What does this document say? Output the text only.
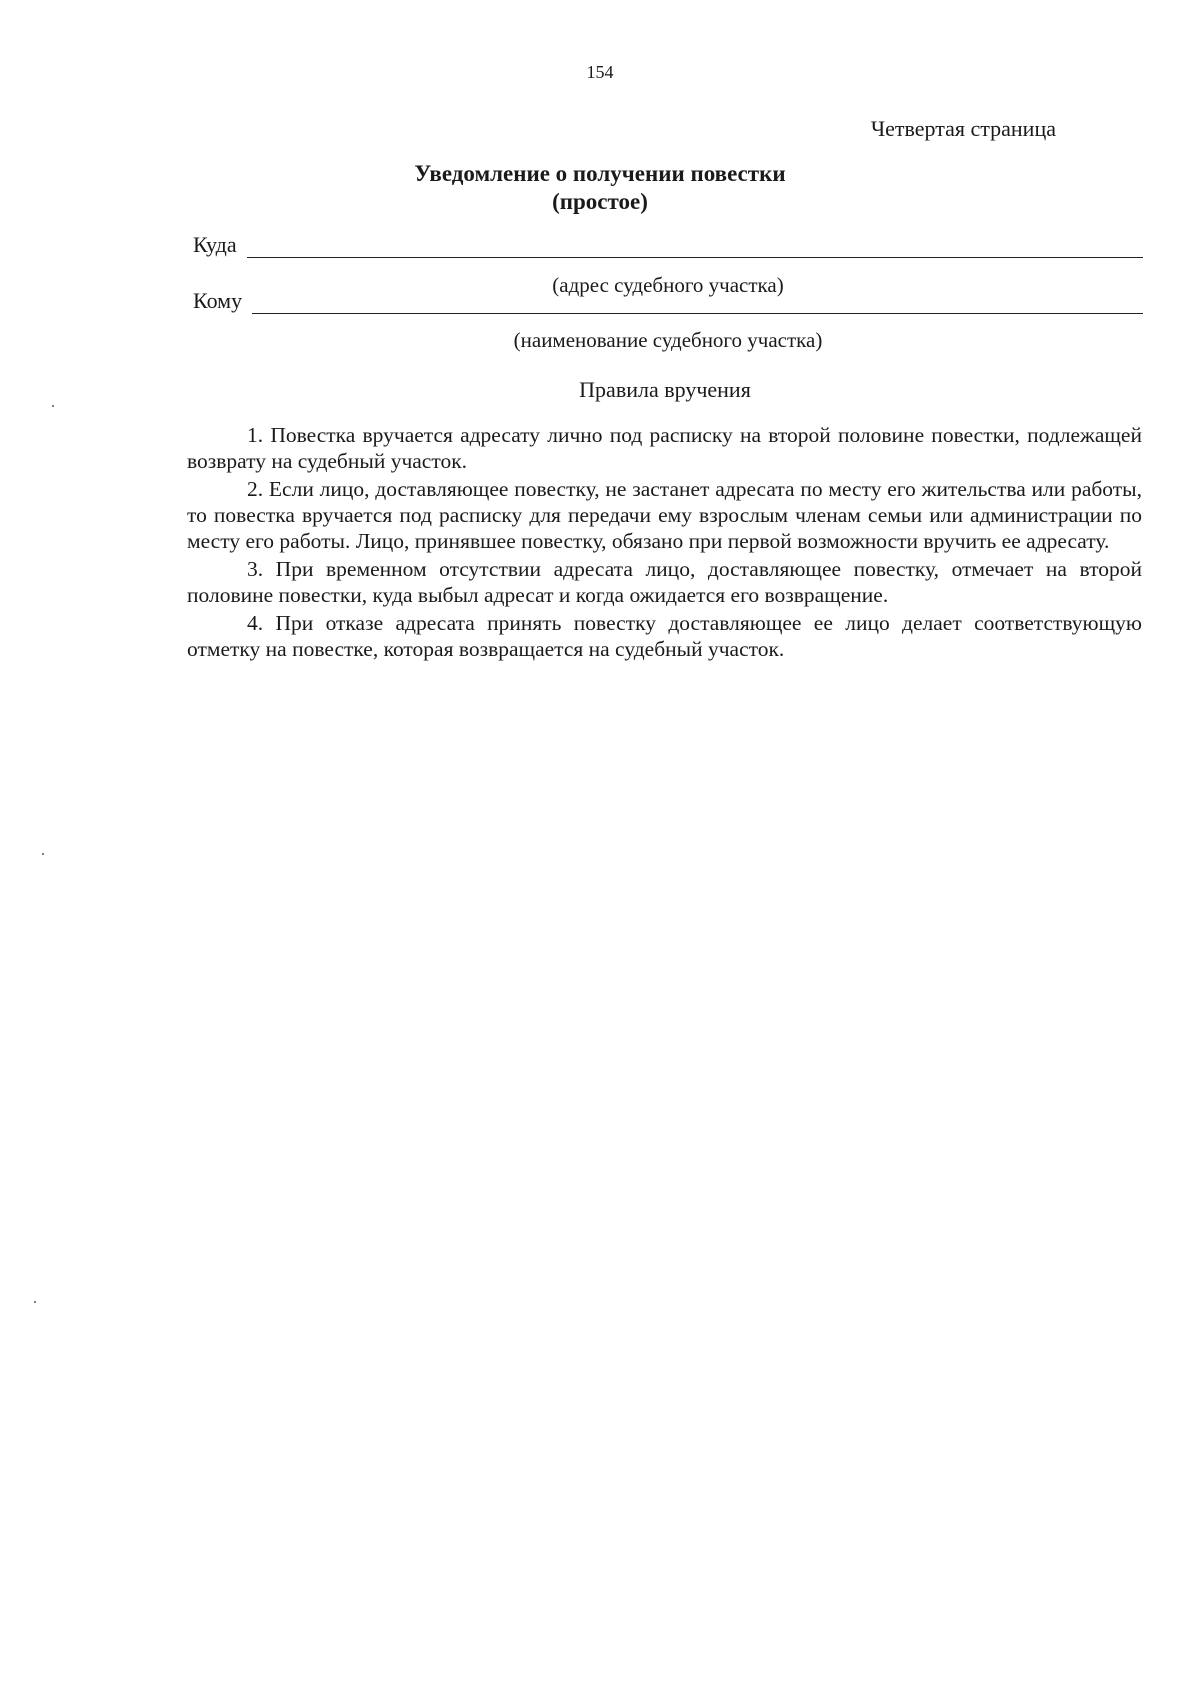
154
Четвертая страница
Уведомление о получении повестки
(простое)
Куда
(адрес судебного участка)
Кому
(наименование судебного участка)
Правила вручения

1. Повестка вручается адресату лично под расписку на второй половине повестки, подлежащей возврату на судебный участок.

2. Если лицо, доставляющее повестку, не застанет адресата по месту его жительства или работы, то повестка вручается под расписку для передачи ему взрослым членам семьи или администрации по месту его работы. Лицо, принявшее повестку, обязано при первой возможности вручить ее адресату.

3. При временном отсутствии адресата лицо, доставляющее повестку, отмечает на второй половине повестки, куда выбыл адресат и когда ожидается его возвращение.

4. При отказе адресата принять повестку доставляющее ее лицо делает соответствующую отметку на повестке, которая возвращается на судебный участок.
